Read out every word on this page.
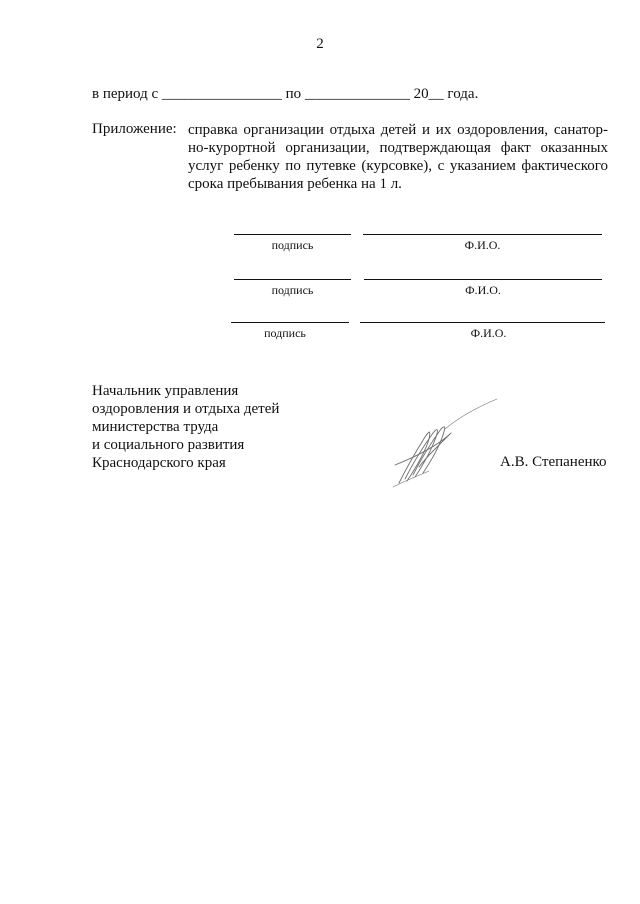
2
в период с ________________ по ______________ 20__ года.
Приложение: справка организации отдыха детей и их оздоровления, санатор-
но-курортной организации, подтверждающая факт оказанных
услуг ребенку по путевке (курсовке), с указанием фактического
срока пребывания ребенка на 1 л.
подпись	Ф.И.О.
подпись	Ф.И.О.
подпись	Ф.И.О.
Начальник управления
оздоровления и отдыха детей
министерства труда
и социального развития
Краснодарского края	А.В. Степаненко
